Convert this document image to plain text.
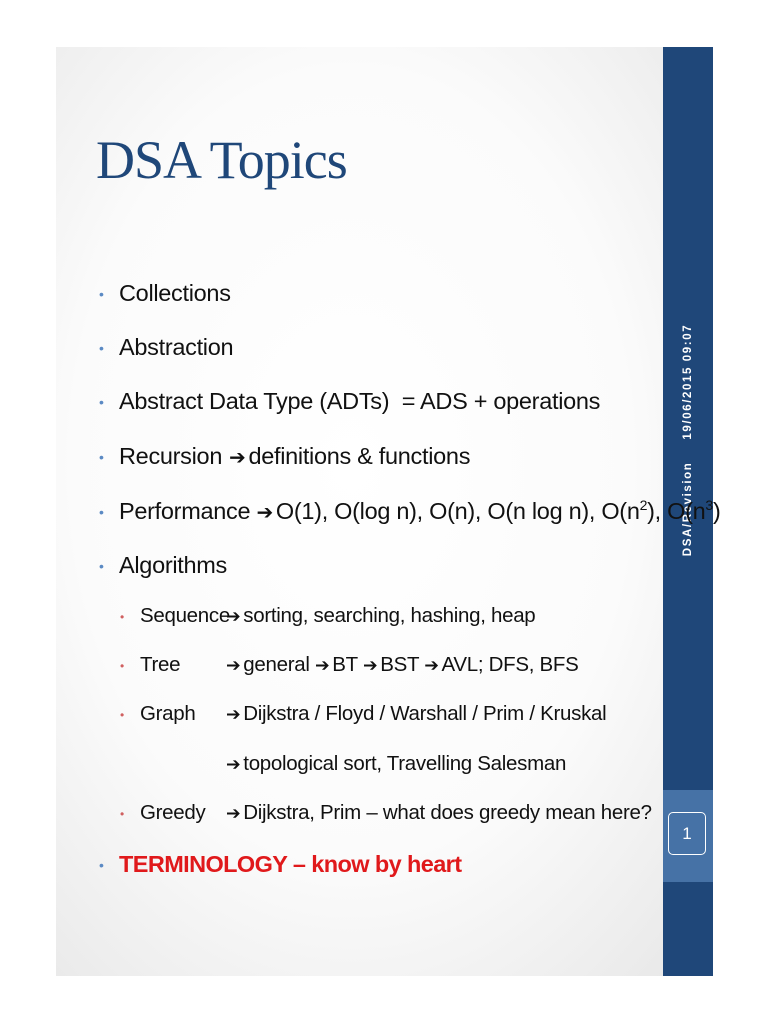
DSA/Revision19/06/2015 09:07
1
DSA Topics
• Collections
• Abstraction
• Abstract Data Type (ADTs)  = ADS + operations
• Recursion ➔ definitions & functions
• Performance ➔ O(1), O(log n), O(n), O(n log n), $O(n^2)$, $O(n^3)$
• Algorithms
• Sequence
➔ sorting, searching, hashing, heap
• Tree	➔ general ➔ BT ➔ BST ➔ AVL; DFS, BFS
• Graph ➔ Dijkstra / Floyd / Warshall / Prim / Kruskal
➔ topological sort, Travelling Salesman
• Greedy ➔ Dijkstra, Prim – what does greedy mean here?
• TERMINOLOGY – know by heart
